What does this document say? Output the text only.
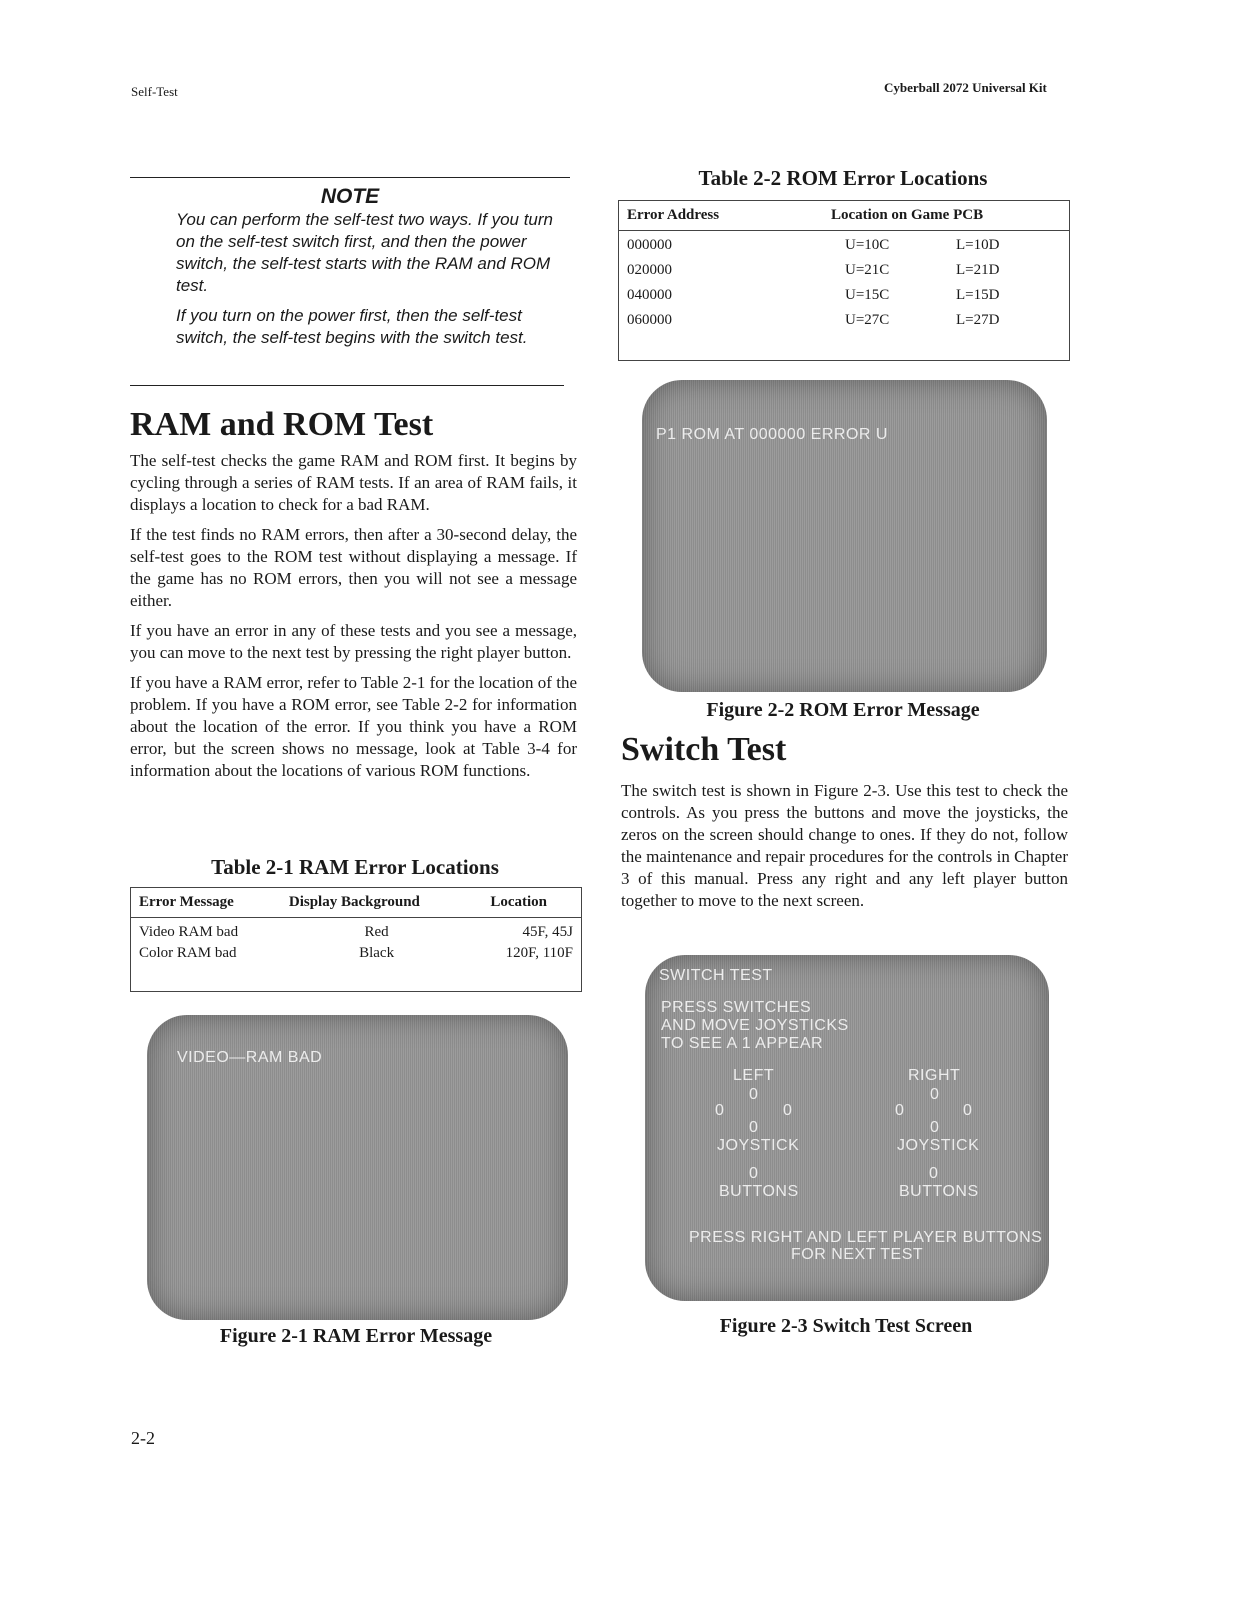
Self-Test	Cyberball 2072 Universal Kit
NOTE

You can perform the self-test two ways. If you turn on the self-test switch first, and then the power switch, the self-test starts with the RAM and ROM test.

If you turn on the power first, then the self-test switch, the self-test begins with the switch test.

RAM and ROM Test

The self-test checks the game RAM and ROM first. It begins by cycling through a series of RAM tests. If an area of RAM fails, it displays a location to check for a bad RAM.

If the test finds no RAM errors, then after a 30-second delay, the self-test goes to the ROM test without displaying a message. If the game has no ROM errors, then you will not see a message either.

If you have an error in any of these tests and you see a message, you can move to the next test by pressing the right player button.

If you have a RAM error, refer to Table 2-1 for the location of the problem. If you have a ROM error, see Table 2-2 for information about the location of the error. If you think you have a ROM error, but the screen shows no message, look at Table 3-4 for information about the locations of various ROM functions.

Table 2-1 RAM Error Locations
Error Message	Display Background	Location
Video RAM bad	Red	45F, 45J
Color RAM bad	Black	120F, 110F
VIDEO—RAM BAD
Figure 2-1 RAM Error Message
Table 2-2 ROM Error Locations
Error Address	Location on Game PCB	
000000	U=10C	L=10D
020000	U=21C	L=21D
040000	U=15C	L=15D
060000	U=27C	L=27D
P1 ROM AT 000000 ERROR U
Figure 2-2 ROM Error Message
Switch Test

The switch test is shown in Figure 2-3. Use this test to check the controls. As you press the buttons and move the joysticks, the zeros on the screen should change to ones. If they do not, follow the maintenance and repair procedures for the controls in Chapter 3 of this manual. Press any right and any left player button together to move to the next screen.

SWITCH TEST
PRESS SWITCHES
AND MOVE JOYSTICKS
TO SEE A 1 APPEAR
LEFT	RIGHT
0
0	0
0
0
0	0
0
JOYSTICK	JOYSTICK
0	0
BUTTONS	BUTTONS
PRESS RIGHT AND LEFT PLAYER BUTTONS
FOR NEXT TEST
Figure 2-3 Switch Test Screen
2-2
